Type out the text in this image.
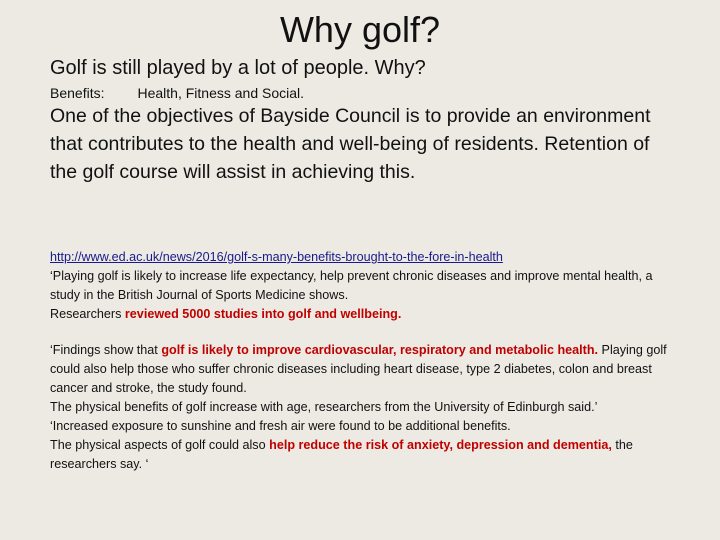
Why golf?
Golf is still played by a lot of people. Why?
Benefits: Health, Fitness and Social.
One of the objectives of Bayside Council is to provide an environment that contributes to the health and well-being of residents. Retention of the golf course will assist in achieving this.

http://www.ed.ac.uk/news/2016/golf-s-many-benefits-brought-to-the-fore-in-health

‘Playing golf is likely to increase life expectancy, help prevent chronic diseases and improve mental health, a study in the British Journal of Sports Medicine shows.

Researchers reviewed 5000 studies into golf and wellbeing.

‘Findings show that golf is likely to improve cardiovascular, respiratory and metabolic health. Playing golf could also help those who suffer chronic diseases including heart disease, type 2 diabetes, colon and breast cancer and stroke, the study found.

The physical benefits of golf increase with age, researchers from the University of Edinburgh said.’

‘Increased exposure to sunshine and fresh air were found to be additional benefits.

The physical aspects of golf could also help reduce the risk of anxiety, depression and dementia, the researchers say. ‘
